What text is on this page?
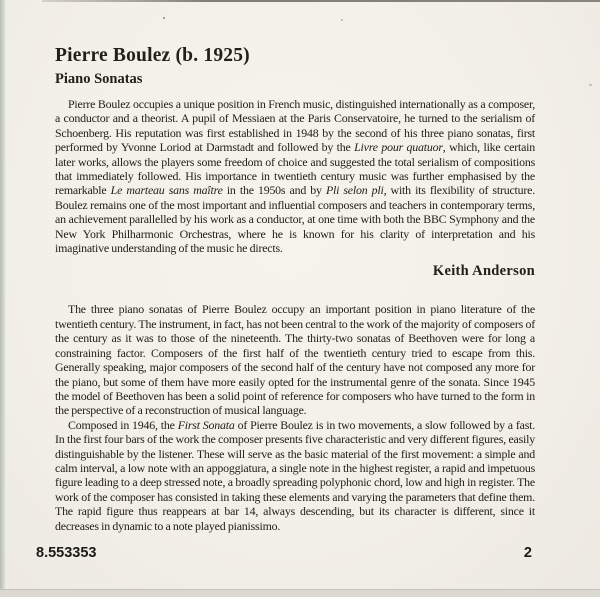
Pierre Boulez (b. 1925)
Piano Sonatas

Pierre Boulez occupies a unique position in French music, distinguished internationally as a composer, a conductor and a theorist. A pupil of Messiaen at the Paris Conservatoire, he turned to the serialism of Schoenberg. His reputation was first established in 1948 by the second of his three piano sonatas, first performed by Yvonne Loriod at Darmstadt and followed by the Livre pour quatuor, which, like certain later works, allows the players some freedom of choice and suggested the total serialism of compositions that immediately followed. His importance in twentieth century music was further emphasised by the remarkable Le marteau sans maître in the 1950s and by Pli selon pli, with its flexibility of structure. Boulez remains one of the most important and influential composers and teachers in contemporary terms, an achievement parallelled by his work as a conductor, at one time with both the BBC Symphony and the New York Philharmonic Orchestras, where he is known for his clarity of interpretation and his imaginative understanding of the music he directs.

Keith Anderson

The three piano sonatas of Pierre Boulez occupy an important position in piano literature of the twentieth century. The instrument, in fact, has not been central to the work of the majority of composers of the century as it was to those of the nineteenth. The thirty-two sonatas of Beethoven were for long a constraining factor. Composers of the first half of the twentieth century tried to escape from this. Generally speaking, major composers of the second half of the century have not composed any more for the piano, but some of them have more easily opted for the instrumental genre of the sonata. Since 1945 the model of Beethoven has been a solid point of reference for composers who have turned to the form in the perspective of a reconstruction of musical language.

Composed in 1946, the First Sonata of Pierre Boulez is in two movements, a slow followed by a fast. In the first four bars of the work the composer presents five characteristic and very different figures, easily distinguishable by the listener. These will serve as the basic material of the first movement: a simple and calm interval, a low note with an appoggiatura, a single note in the highest register, a rapid and impetuous figure leading to a deep stressed note, a broadly spreading polyphonic chord, low and high in register. The work of the composer has consisted in taking these elements and varying the parameters that define them. The rapid figure thus reappears at bar 14, always descending, but its character is different, since it decreases in dynamic to a note played pianissimo.

8.553353	2
